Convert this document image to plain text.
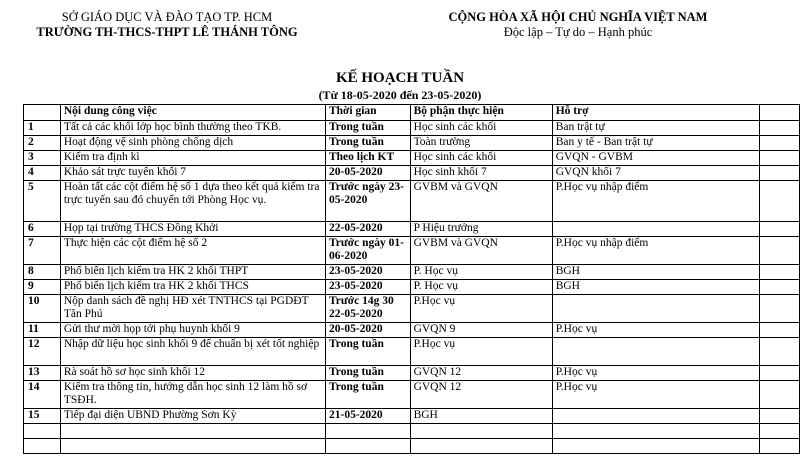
SỞ GIÁO DỤC VÀ ĐÀO TẠO TP. HCM
TRƯỜNG TH-THCS-THPT LÊ THÁNH TÔNG
CỘNG HÒA XÃ HỘI CHỦ NGHĨA VIỆT NAM
Độc lập – Tự do – Hạnh phúc
KẾ HOẠCH TUẦN
(Từ 18-05-2020 đến 23-05-2020)
	Nội dung công việc	Thời gian	Bộ phận thực hiện	Hỗ trợ	
1	Tất cả các khối lớp học bình thường theo TKB.	Trong tuần	Học sinh các khối	Ban trật tự	
2	Hoạt động vệ sinh phòng chống dịch	Trong tuần	Toàn trường	Ban y tế - Ban trật tự	
3	Kiểm tra định kì	Theo lịch KT	Học sinh các khối	GVQN - GVBM	
4	Khảo sát trực tuyến khối 7	20-05-2020	Học sinh khối 7	GVQN khối 7	
5	Hoàn tất các cột điểm hệ số 1 dựa theo kết quả kiểm tra trực tuyến sau đó chuyển tới Phòng Học vụ.	Trước ngày 23-05-2020	GVBM và GVQN	P.Học vụ nhập điểm	
6	Họp tại trường THCS Đồng Khởi	22-05-2020	P Hiệu trưởng		
7	Thực hiện các cột điểm hệ số 2	Trước ngày 01-06-2020	GVBM và GVQN	P.Học vụ nhập điểm	
8	Phổ biến lịch kiểm tra HK 2 khối THPT	23-05-2020	P. Học vụ	BGH	
9	Phổ biến lịch kiểm tra HK 2 khối THCS	23-05-2020	P. Học vụ	BGH	
10	Nộp danh sách đề nghị HĐ xét TNTHCS tại PGDĐT Tân Phú	Trước 14g 30 22-05-2020	P.Học vụ		
11	Gửi thư mời họp tới phụ huynh khối 9	20-05-2020	GVQN 9	P.Học vụ	
12	Nhập dữ liệu học sinh khối 9 để chuẩn bị xét tốt nghiệp	Trong tuần	P.Học vụ		
13	Rà soát hồ sơ học sinh khối 12	Trong tuần	GVQN 12	P.Học vụ	
14	Kiểm tra thông tin, hướng dẫn học sinh 12 làm hồ sơ TSĐH.	Trong tuần	GVQN 12	P.Học vụ	
15	Tiếp đại diện UBND Phường Sơn Kỳ	21-05-2020	BGH		
